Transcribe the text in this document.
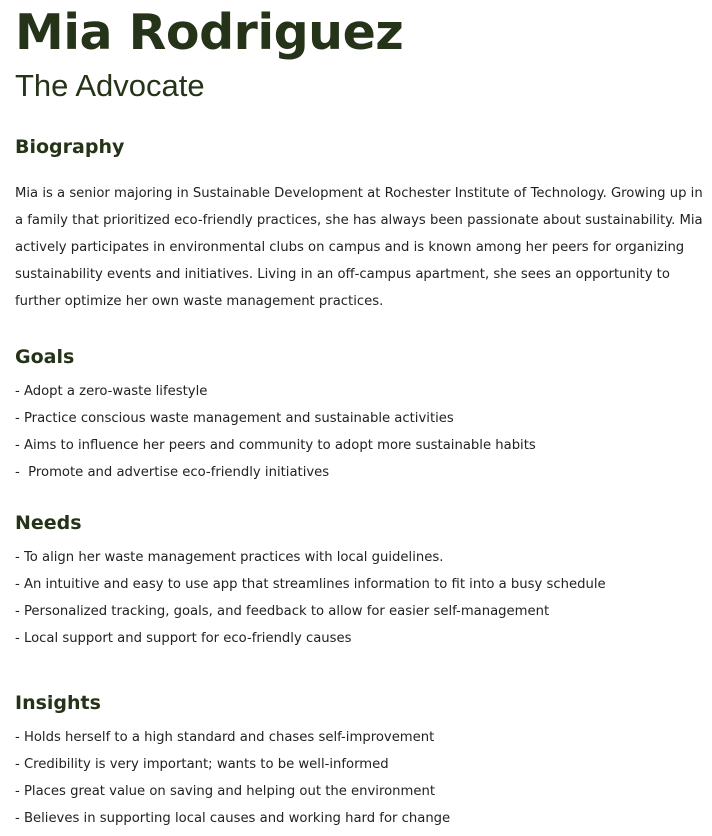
Mia Rodriguez
The Advocate
Biography

Mia is a senior majoring in Sustainable Development at Rochester Institute of Technology. Growing up in a family that prioritized eco-friendly practices, she has always been passionate about sustainability. Mia actively participates in environmental clubs on campus and is known among her peers for organizing sustainability events and initiatives. Living in an off-campus apartment, she sees an opportunity to further optimize her own waste management practices.

Goals
- Adopt a zero-waste lifestyle
- Practice conscious waste management and sustainable activities
- Aims to influence her peers and community to adopt more sustainable habits
-  Promote and advertise eco-friendly initiatives
Needs
- To align her waste management practices with local guidelines.
- An intuitive and easy to use app that streamlines information to fit into a busy schedule
- Personalized tracking, goals, and feedback to allow for easier self-management
- Local support and support for eco-friendly causes
Insights
- Holds herself to a high standard and chases self-improvement
- Credibility is very important; wants to be well-informed
- Places great value on saving and helping out the environment
- Believes in supporting local causes and working hard for change
